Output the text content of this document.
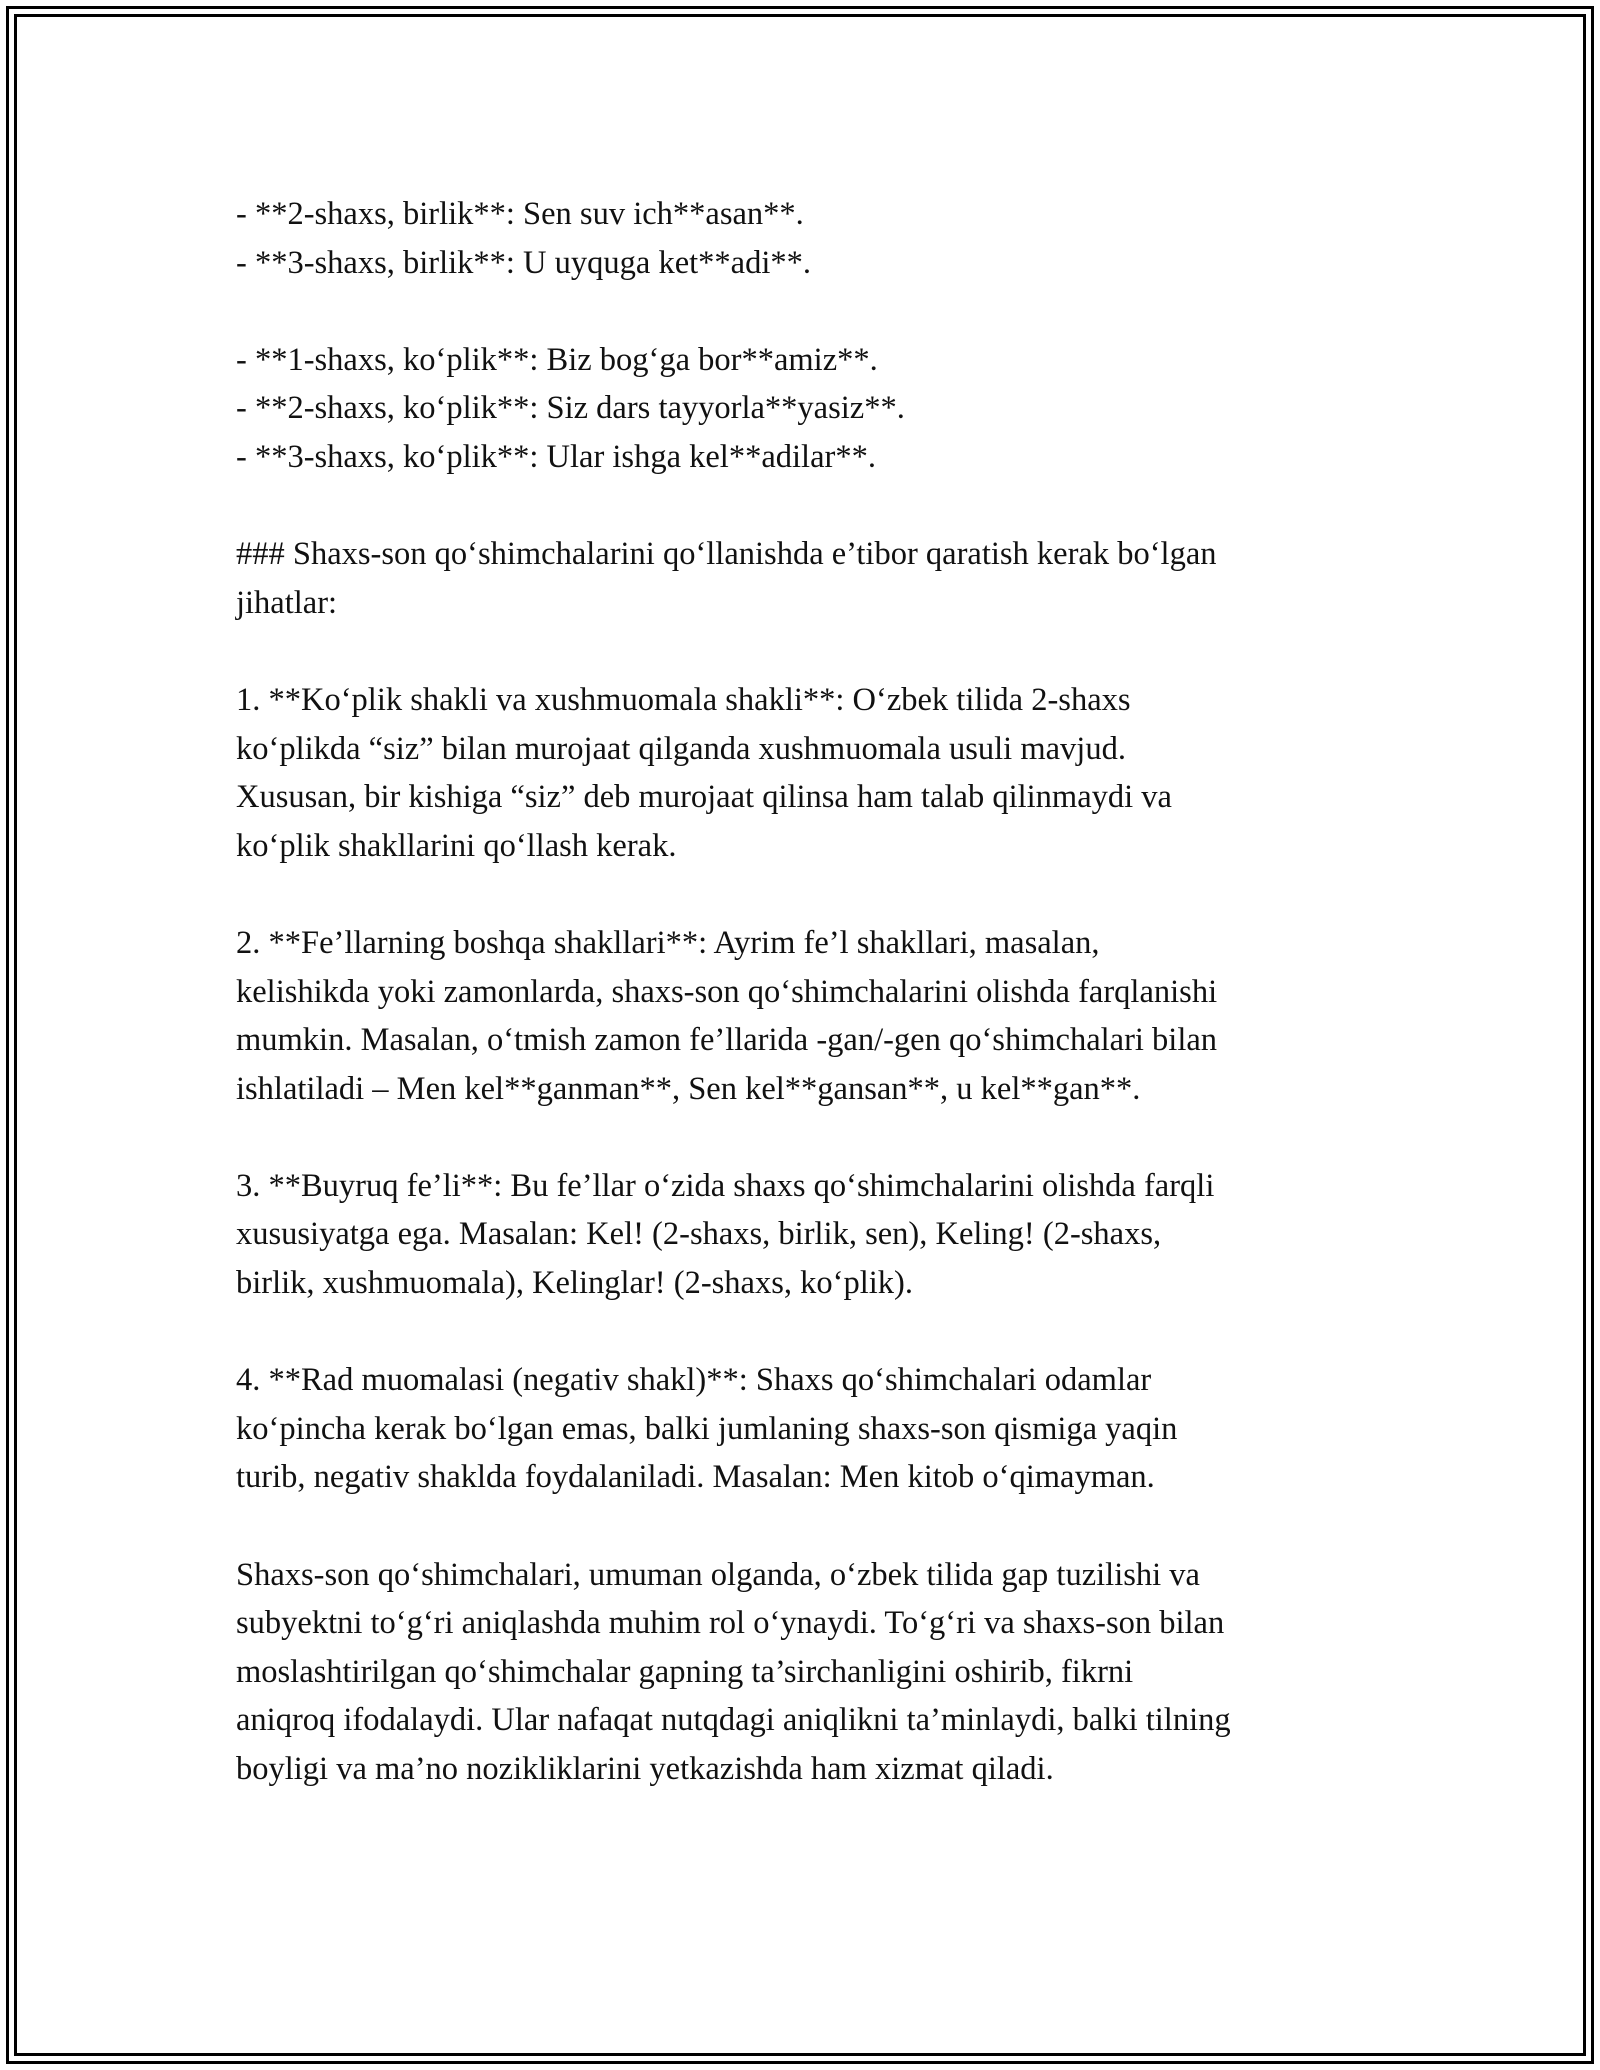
- **2-shaxs, birlik**: Sen suv ich**asan**.

- **3-shaxs, birlik**: U uyquga ket**adi**.

- **1-shaxs, ko‘plik**: Biz bog‘ga bor**amiz**.

- **2-shaxs, ko‘plik**: Siz dars tayyorla**yasiz**.

- **3-shaxs, ko‘plik**: Ular ishga kel**adilar**.

### Shaxs-son qo‘shimchalarini qo‘llanishda e’tibor qaratish kerak bo‘lgan

jihatlar:

1. **Ko‘plik shakli va xushmuomala shakli**: O‘zbek tilida 2-shaxs

ko‘plikda “siz” bilan murojaat qilganda xushmuomala usuli mavjud.

Xususan, bir kishiga “siz” deb murojaat qilinsa ham talab qilinmaydi va

ko‘plik shakllarini qo‘llash kerak.

2. **Fe’llarning boshqa shakllari**: Ayrim fe’l shakllari, masalan,

kelishikda yoki zamonlarda, shaxs-son qo‘shimchalarini olishda farqlanishi

mumkin. Masalan, o‘tmish zamon fe’llarida -gan/-gen qo‘shimchalari bilan

ishlatiladi – Men kel**ganman**, Sen kel**gansan**, u kel**gan**.

3. **Buyruq fe’li**: Bu fe’llar o‘zida shaxs qo‘shimchalarini olishda farqli

xususiyatga ega. Masalan: Kel! (2-shaxs, birlik, sen), Keling! (2-shaxs,

birlik, xushmuomala), Kelinglar! (2-shaxs, ko‘plik).

4. **Rad muomalasi (negativ shakl)**: Shaxs qo‘shimchalari odamlar

ko‘pincha kerak bo‘lgan emas, balki jumlaning shaxs-son qismiga yaqin

turib, negativ shaklda foydalaniladi. Masalan: Men kitob o‘qimayman.

Shaxs-son qo‘shimchalari, umuman olganda, o‘zbek tilida gap tuzilishi va

subyektni to‘g‘ri aniqlashda muhim rol o‘ynaydi. To‘g‘ri va shaxs-son bilan

moslashtirilgan qo‘shimchalar gapning ta’sirchanligini oshirib, fikrni

aniqroq ifodalaydi. Ular nafaqat nutqdagi aniqlikni ta’minlaydi, balki tilning

boyligi va ma’no nozikliklarini yetkazishda ham xizmat qiladi.
